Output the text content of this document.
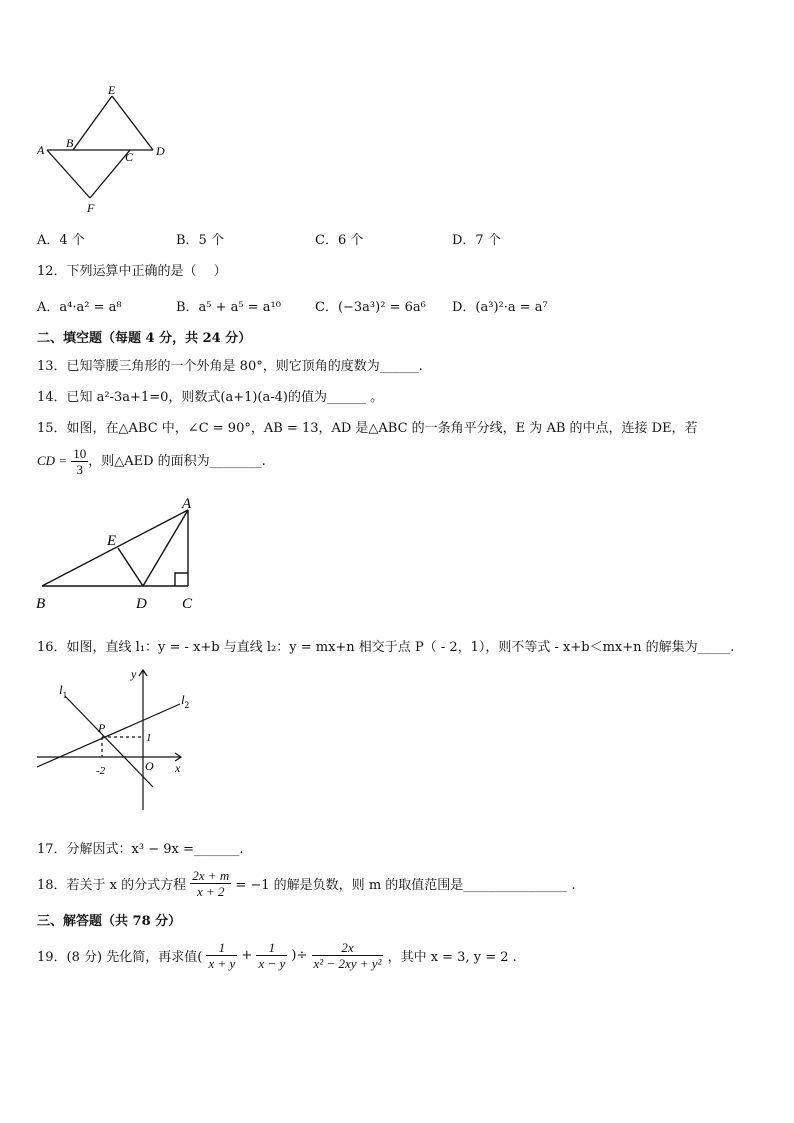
E
A B
C D
F
A．4 个	B．5 个	C．6 个	D．7 个
12．下列运算中正确的是（　 ）
A．a⁴·a² = a⁸	B．a⁵ + a⁵ = a¹⁰	C．(−3a³)² = 6a⁶ D．(a³)²·a = a⁷
二、填空题（每题 4 分，共 24 分）
13．已知等腰三角形的一个外角是 80°，则它顶角的度数为______.
14．已知 a²-3a+1=0，则数式(a+1)(a-4)的值为______ 。
15．如图，在△ABC 中，∠C = 90°，AB = 13，AD 是△ABC 的一条角平分线，E 为 AB 的中点，连接 DE，若
CD = $\frac{10}{3}$ ，则△AED 的面积为________.
A
E
B	D C
16．如图，直线 l₁：y = - x+b 与直线 l₂：y = mx+n 相交于点 P（ - 2，1），则不等式 - x+b＜mx+n 的解集为_____.
y
x
$l_1$	$l_2$
P
1
-2	O
17．分解因式：x³ − 9x =_______.
18．若关于 x 的分式方程 $\frac{2x + m}{x + 2} = -1$ 的解是负数，则 m 的取值范围是________________ .
三、解答题（共 78 分）
19．(8 分) 先化简，再求值( $\frac{1}{x + y} + \frac{1}{x - y}$ )÷ $\frac{2x}{\text{x² − 2xy + y²}}$ ，其中 x = 3, y = 2 .
